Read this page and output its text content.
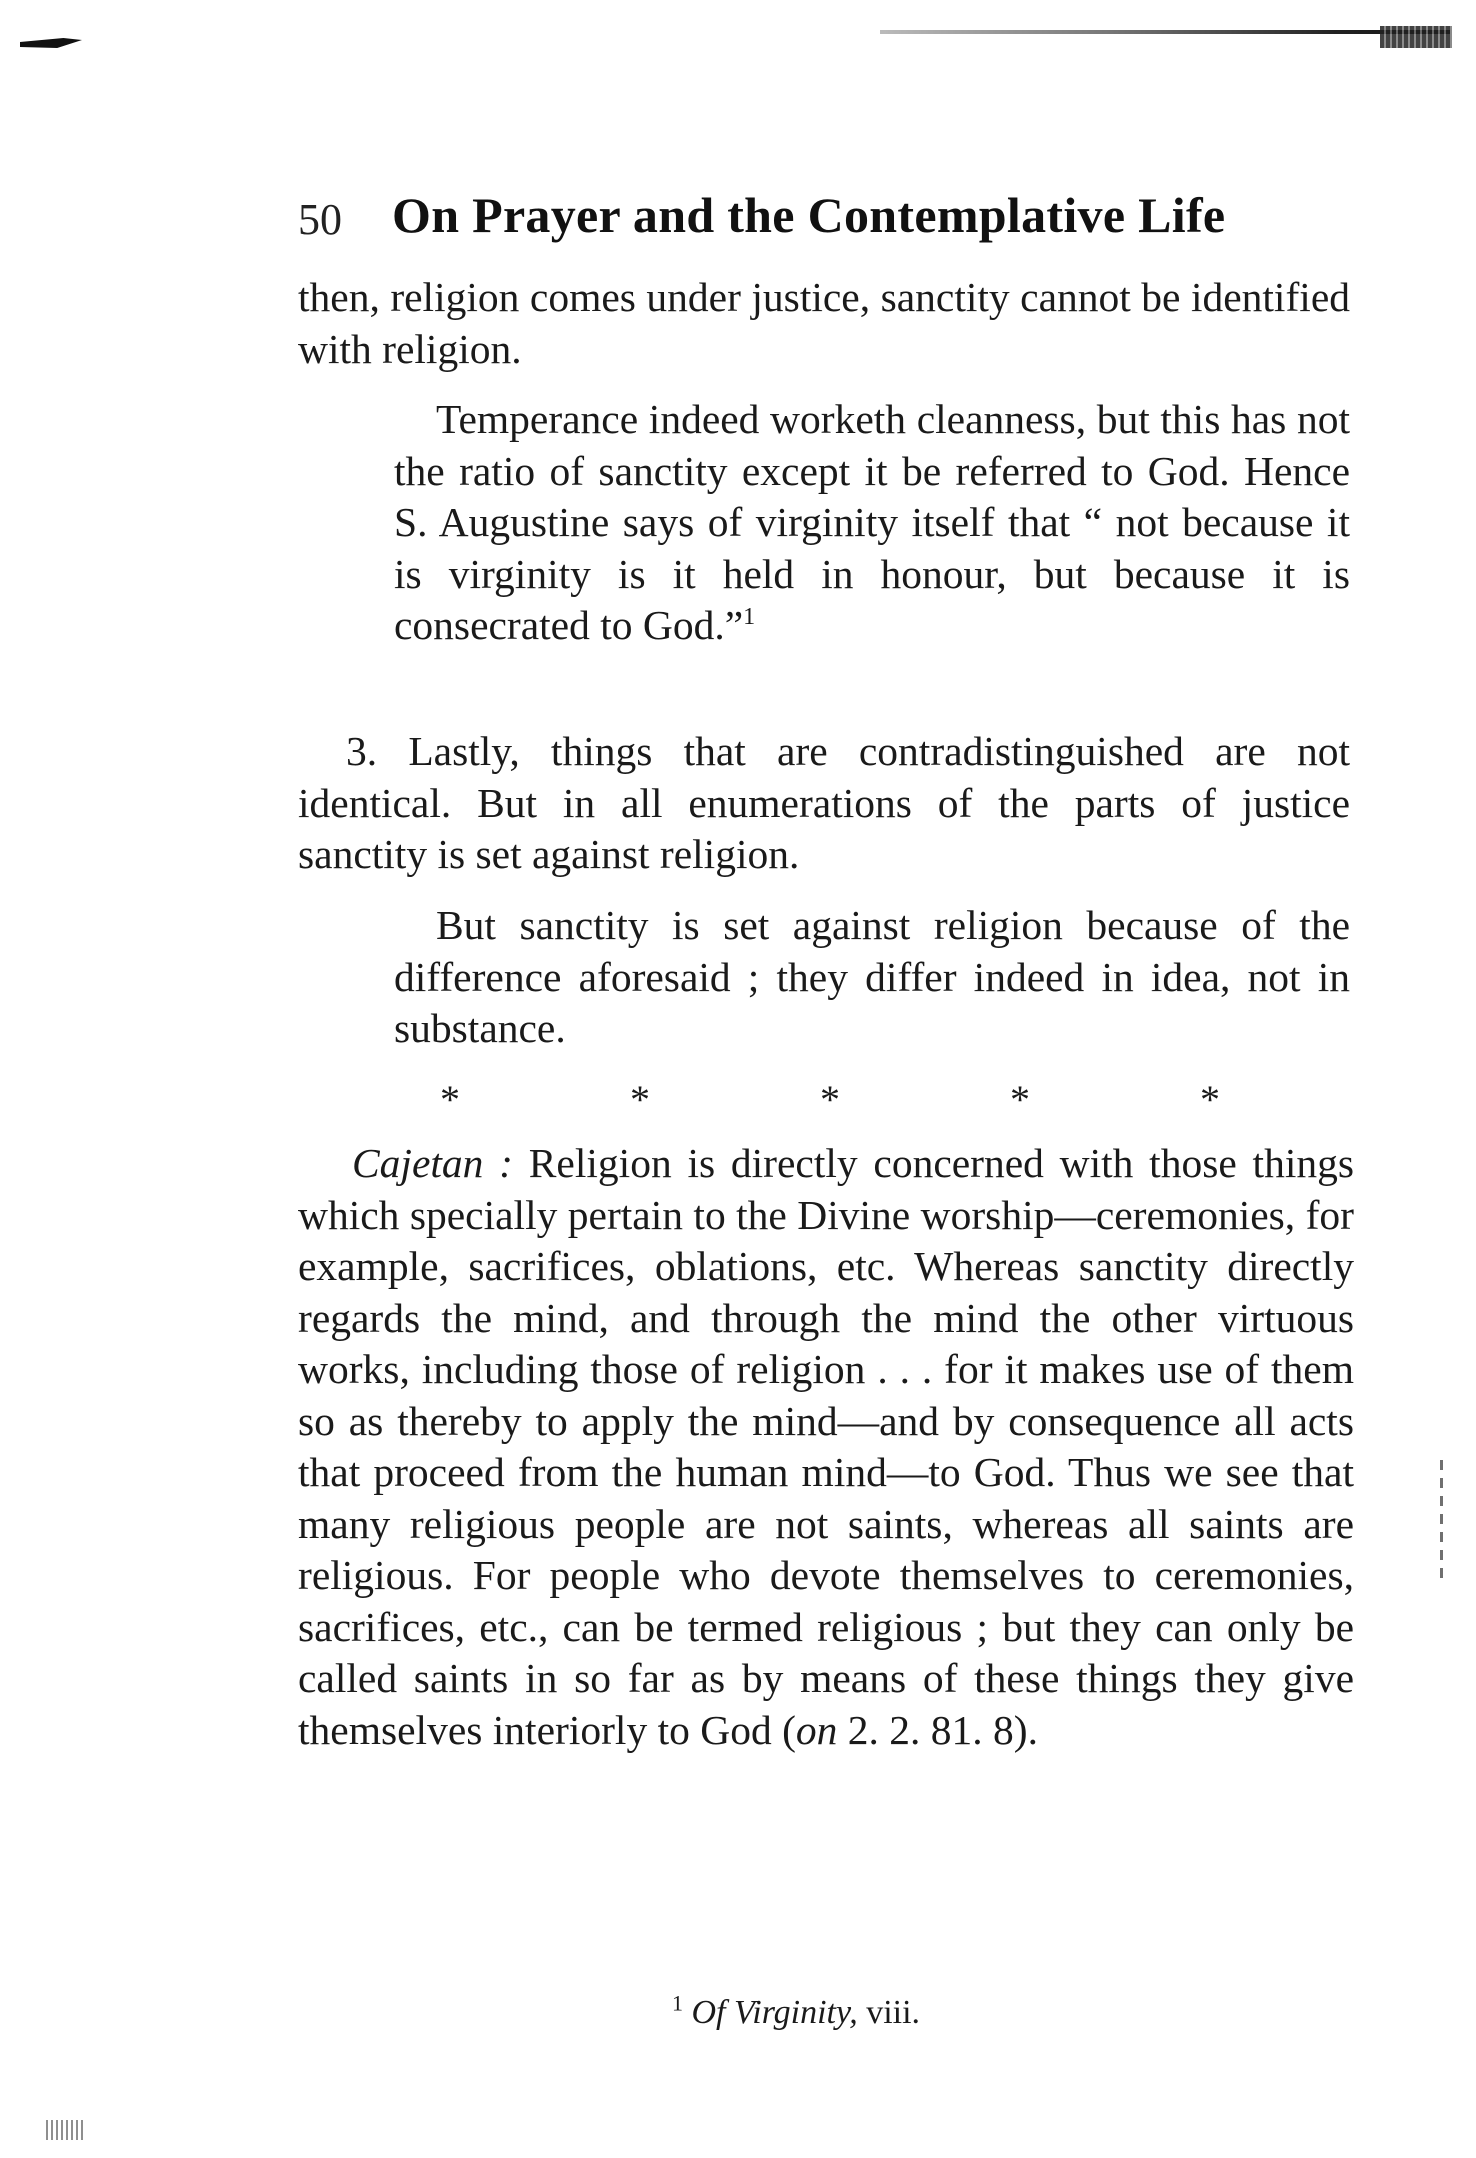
50 On Prayer and the Contemplative Life

then, religion comes under justice, sanctity cannot be identified with religion.

Temperance indeed worketh cleanness, but this has not the ratio of sanctity except it be referred to God. Hence S. Augustine says of virginity itself that “ not because it is virginity is it held in honour, but because it is consecrated to God.”$^1$

3. Lastly, things that are contradistinguished are not identical. But in all enumerations of the parts of justice sanctity is set against religion.

But sanctity is set against religion because of the difference aforesaid ; they differ indeed in idea, not in substance.

*	*	*	*	*

Cajetan : Religion is directly concerned with those things which specially pertain to the Divine worship—ceremonies, for example, sacrifices, oblations, etc. Whereas sanctity directly regards the mind, and through the mind the other virtuous works, including those of religion . . . for it makes use of them so as thereby to apply the mind—and by consequence all acts that proceed from the human mind—to God. Thus we see that many religious people are not saints, whereas all saints are religious. For people who devote themselves to ceremonies, sacrifices, etc., can be termed religious ; but they can only be called saints in so far as by means of these things they give themselves interiorly to God (on 2. 2. 81. 8).

$^1$ Of Virginity, viii.
